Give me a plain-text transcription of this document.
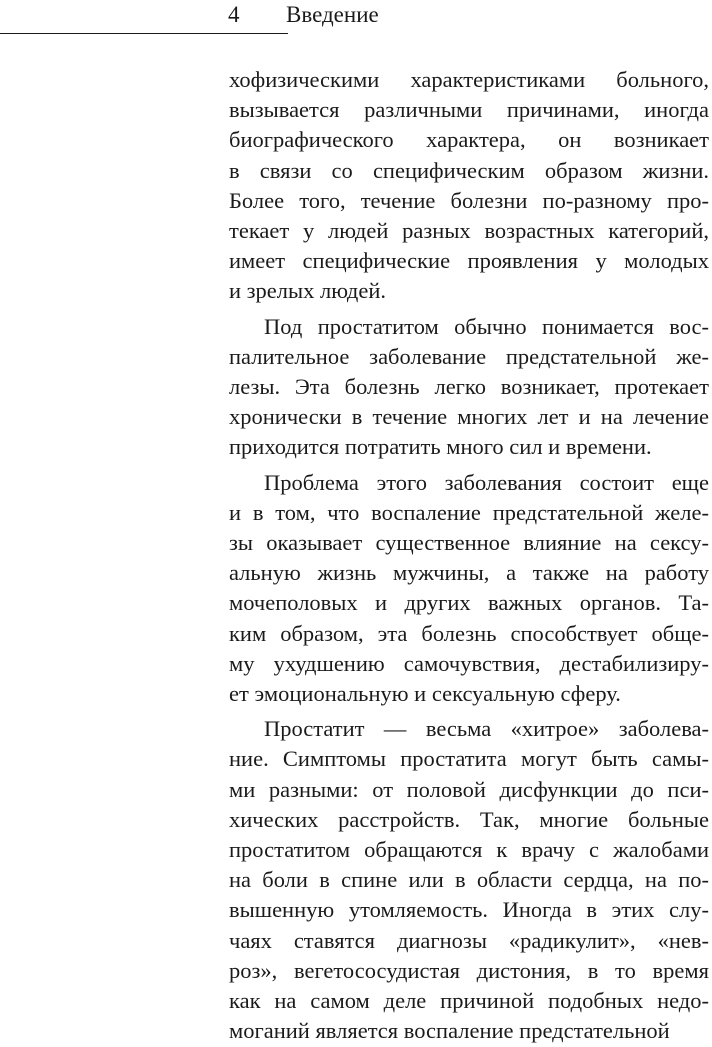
4 Введение

хофизическими характеристиками больного,
вызывается различными причинами, иногда
биографического характера, он возникает
в связи со специфическим образом жизни.
Более того, течение болезни по-разному про-
текает у людей разных возрастных категорий,
имеет специфические проявления у молодых
и зрелых людей.

Под простатитом обычно понимается вос-
палительное заболевание предстательной же-
лезы. Эта болезнь легко возникает, протекает
хронически в течение многих лет и на лечение
приходится потратить много сил и времени.

Проблема этого заболевания состоит еще
и в том, что воспаление предстательной желе-
зы оказывает существенное влияние на сексу-
альную жизнь мужчины, а также на работу
мочеполовых и других важных органов. Та-
ким образом, эта болезнь способствует обще-
му ухудшению самочувствия, дестабилизиру-
ет эмоциональную и сексуальную сферу.

Простатит — весьма «хитрое» заболева-
ние. Симптомы простатита могут быть самы-
ми разными: от половой дисфункции до пси-
хических расстройств. Так, многие больные
простатитом обращаются к врачу с жалобами
на боли в спине или в области сердца, на по-
вышенную утомляемость. Иногда в этих слу-
чаях ставятся диагнозы «радикулит», «нев-
роз», вегетососудистая дистония, в то время
как на самом деле причиной подобных недо-
моганий является воспаление предстательной
